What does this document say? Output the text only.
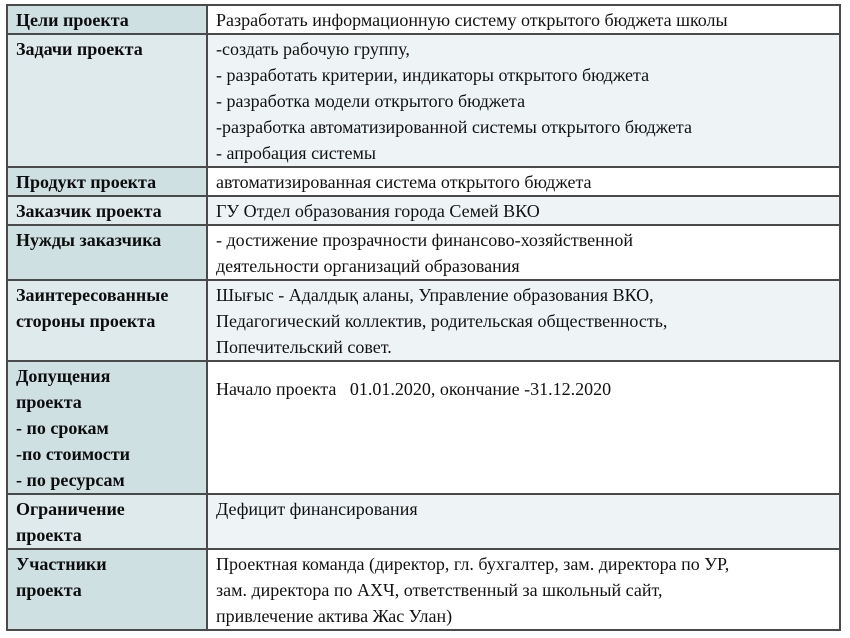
Цели проекта	Разработать информационную систему открытого бюджета школы

Задачи проекта	-создать рабочую группу,
- разработать критерии, индикаторы открытого бюджета
- разработка модели открытого бюджета
-разработка автоматизированной системы открытого бюджета
- апробация системы

Продукт проекта	автоматизированная система открытого бюджета

Заказчик проекта	ГУ Отдел образования города Семей ВКО

Нужды заказчика	- достижение прозрачности финансово-хозяйственной
деятельности организаций образования

Заинтересованные
стороны проекта	Шығыс - Адалдық аланы, Управление образования ВКО,
Педагогический коллектив, родительская общественность,
Попечительский совет.

Допущения
проекта
- по срокам
-по стоимости
- по ресурсам	Начало проекта   01.01.2020, окончание -31.12.2020

Ограничение
проекта	Дефицит финансирования

Участники
проекта	Проектная команда (директор, гл. бухгалтер, зам. директора по УР,
зам. директора по АХЧ, ответственный за школьный сайт,
привлечение актива Жас Улан)
